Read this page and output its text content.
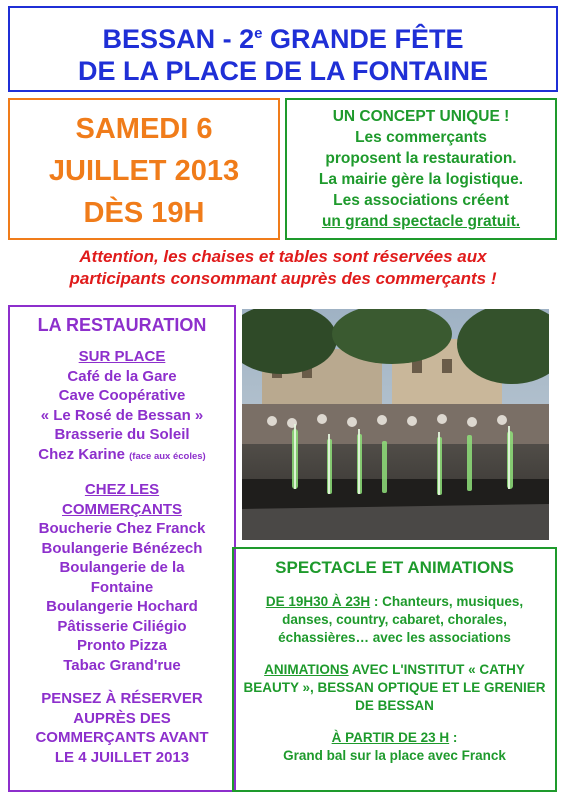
BESSAN - 2e GRANDE FÊTE
DE LA PLACE DE LA FONTAINE
SAMEDI 6
JUILLET 2013
DÈS 19H
UN CONCEPT UNIQUE !
Les commerçants
proposent la restauration.
La mairie gère la logistique.
Les associations créent
un grand spectacle gratuit.
Attention, les chaises et tables sont réservées aux
participants consommant auprès des commerçants !
LA RESTAURATION
SUR PLACE
Café de la Gare
Cave Coopérative
« Le Rosé de Bessan »
Brasserie du Soleil
Chez Karine (face aux écoles)
CHEZ LES
COMMERÇANTS
Boucherie Chez Franck
Boulangerie Bénézech
Boulangerie de la
Fontaine
Boulangerie Hochard
Pâtisserie Ciliégio
Pronto Pizza
Tabac Grand'rue
PENSEZ À RÉSERVER
AUPRÈS DES
COMMERÇANTS AVANT
LE 4 JUILLET 2013
SPECTACLE ET ANIMATIONS

DE 19H30 À 23H : Chanteurs, musiques, danses, country, cabaret, chorales, échassières… avec les associations

ANIMATIONS AVEC L'INSTITUT « CATHY BEAUTY », BESSAN OPTIQUE ET LE GRENIER DE BESSAN

À PARTIR DE 23 H :
Grand bal sur la place avec Franck
